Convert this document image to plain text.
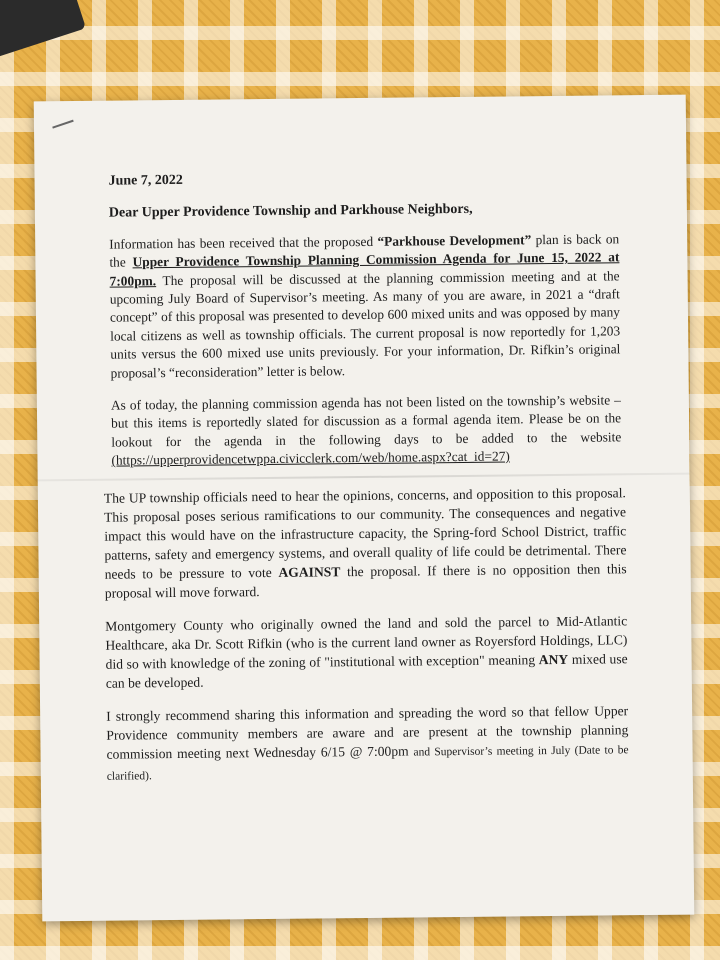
June 7, 2022
Dear Upper Providence Township and Parkhouse Neighbors,

Information has been received that the proposed “Parkhouse Development” plan is back on the Upper Providence Township Planning Commission Agenda for June 15, 2022 at 7:00pm. The proposal will be discussed at the planning commission meeting and at the upcoming July Board of Supervisor’s meeting. As many of you are aware, in 2021 a “draft concept” of this proposal was presented to develop 600 mixed units and was opposed by many local citizens as well as township officials. The current proposal is now reportedly for 1,203 units versus the 600 mixed use units previously. For your information, Dr. Rifkin’s original proposal’s “reconsideration” letter is below.

As of today, the planning commission agenda has not been listed on the township’s website – but this items is reportedly slated for discussion as a formal agenda item. Please be on the lookout for the agenda in the following days to be added to the website (https://upperprovidencetwppa.civicclerk.com/web/home.aspx?cat_id=27)

The UP township officials need to hear the opinions, concerns, and opposition to this proposal. This proposal poses serious ramifications to our community. The consequences and negative impact this would have on the infrastructure capacity, the Spring-ford School District, traffic patterns, safety and emergency systems, and overall quality of life could be detrimental. There needs to be pressure to vote AGAINST the proposal. If there is no opposition then this proposal will move forward.

Montgomery County who originally owned the land and sold the parcel to Mid-Atlantic Healthcare, aka Dr. Scott Rifkin (who is the current land owner as Royersford Holdings, LLC) did so with knowledge of the zoning of "institutional with exception" meaning ANY mixed use can be developed.

I strongly recommend sharing this information and spreading the word so that fellow Upper Providence community members are aware and are present at the township planning commission meeting next Wednesday 6/15 @ 7:00pm and Supervisor’s meeting in July (Date to be clarified).
